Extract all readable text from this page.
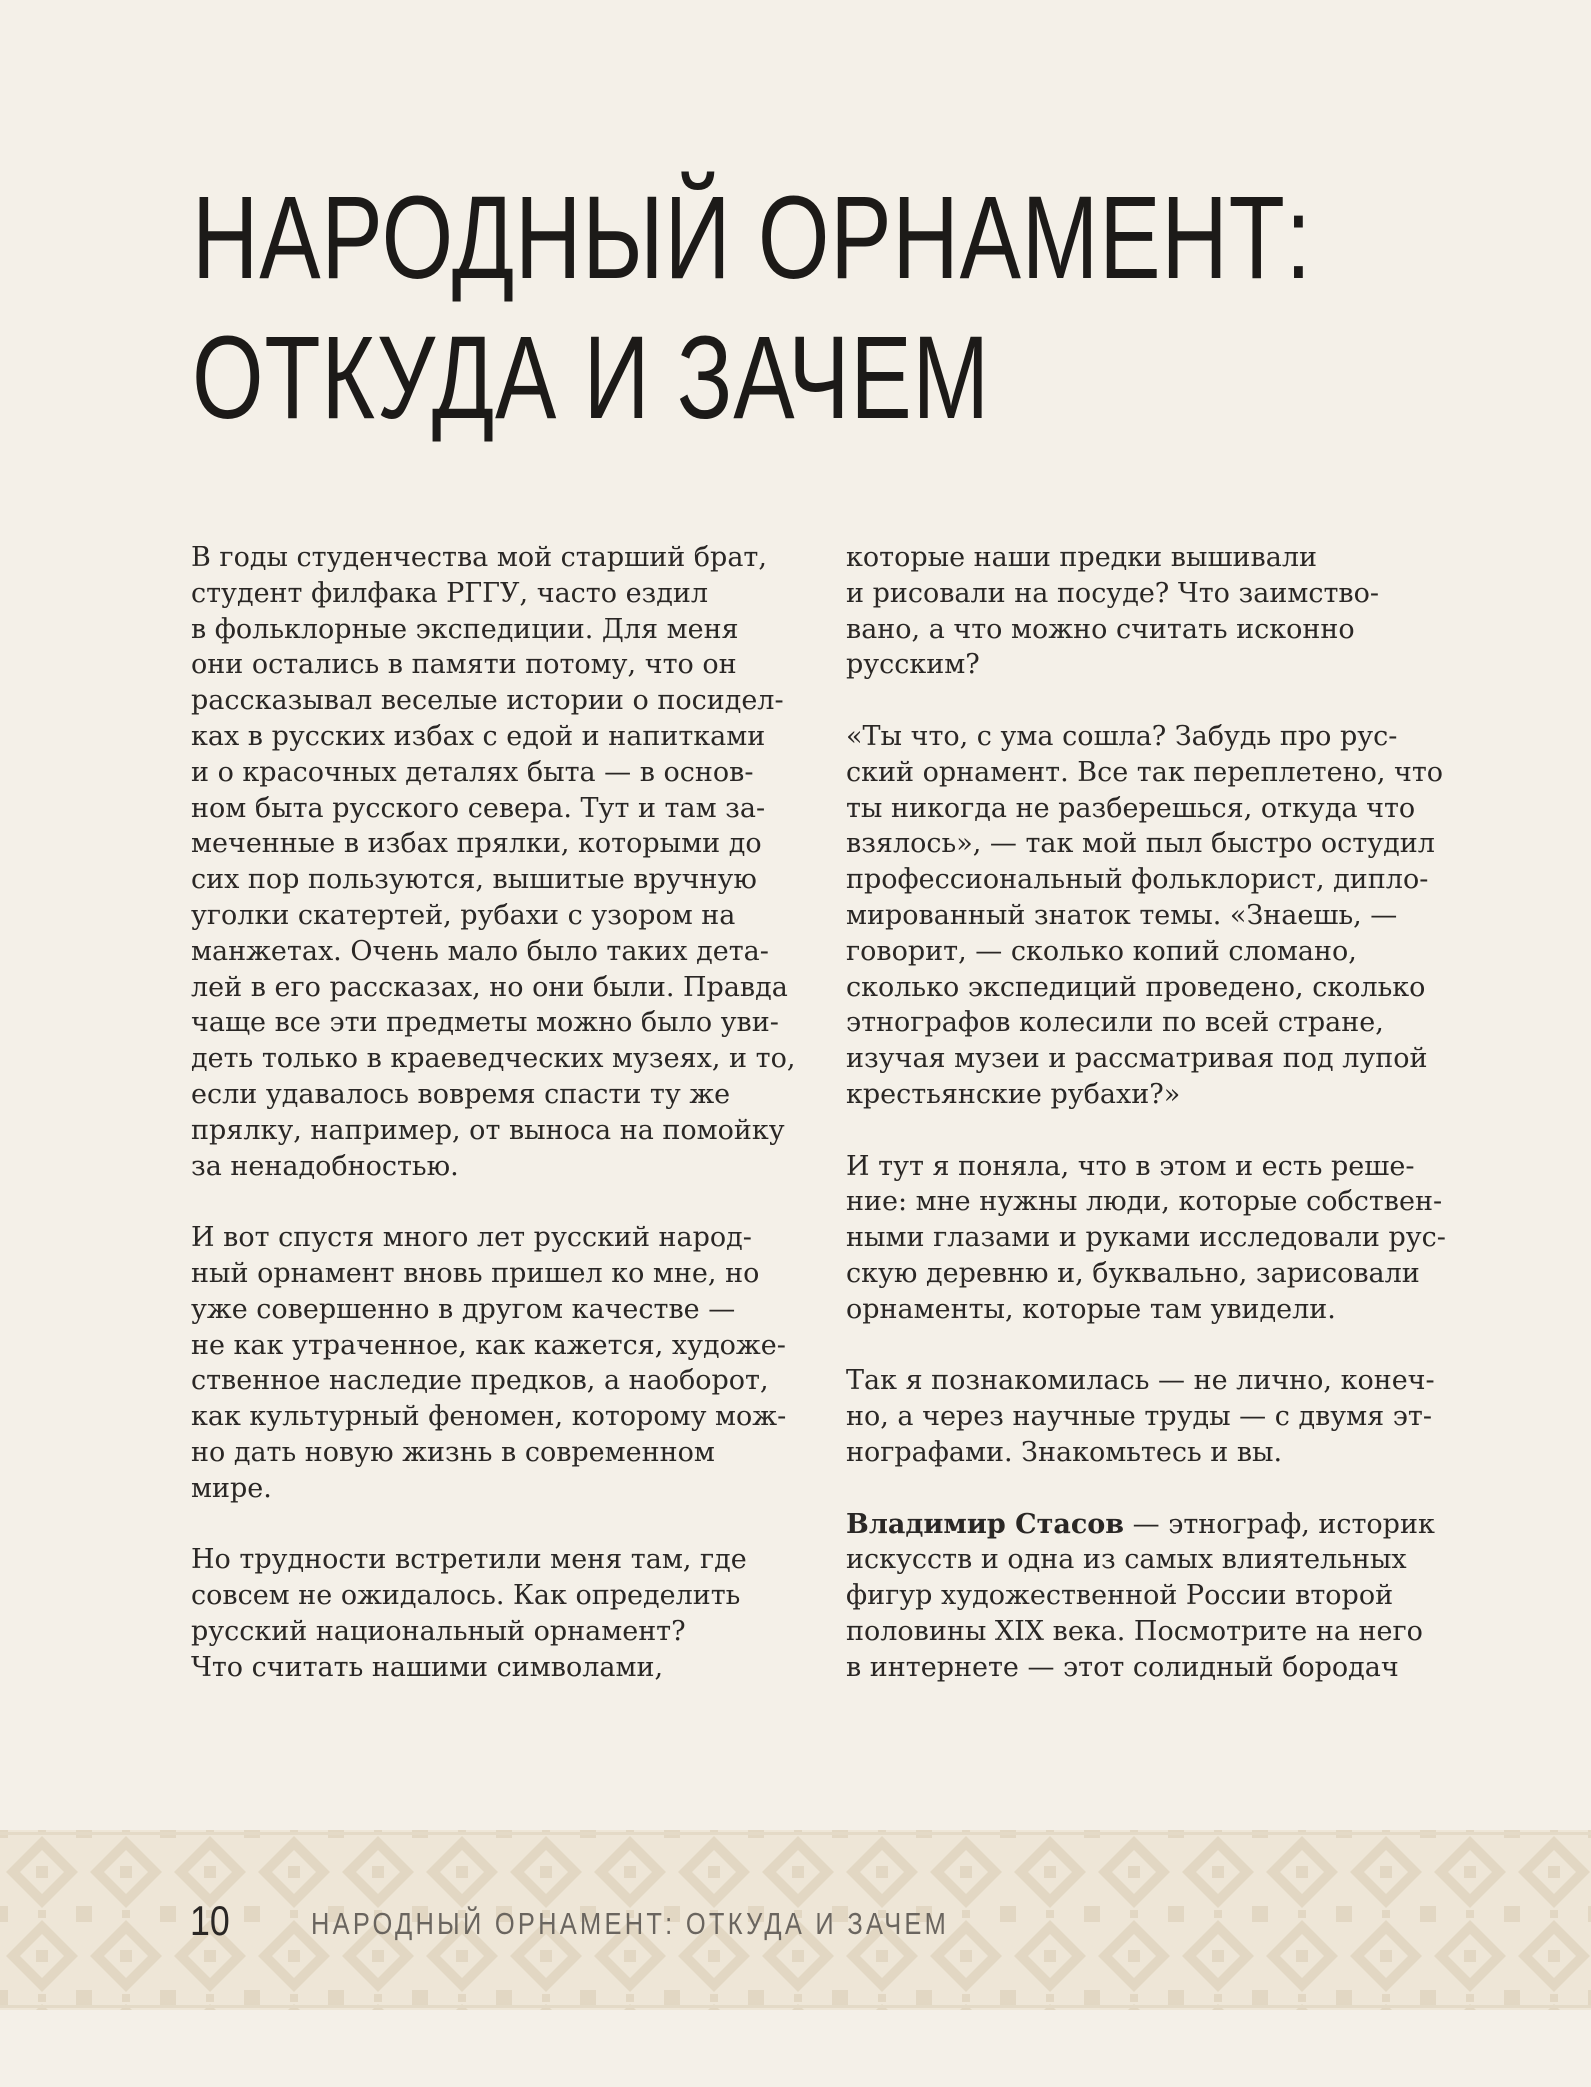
НАРОДНЫЙ ОРНАМЕНТ:
ОТКУДА И ЗАЧЕМ

В годы студенчества мой старший брат,
студент филфака РГГУ, часто ездил
в фольклорные экспедиции. Для меня
они остались в памяти потому, что он
рассказывал веселые истории о посидел-
ках в русских избах с едой и напитками
и о красочных деталях быта — в основ-
ном быта русского севера. Тут и там за-
меченные в избах прялки, которыми до
сих пор пользуются, вышитые вручную
уголки скатертей, рубахи с узором на
манжетах. Очень мало было таких дета-
лей в его рассказах, но они были. Правда
чаще все эти предметы можно было уви-
деть только в краеведческих музеях, и то,
если удавалось вовремя спасти ту же
прялку, например, от выноса на помойку
за ненадобностью.

И вот спустя много лет русский народ-
ный орнамент вновь пришел ко мне, но
уже совершенно в другом качестве —
не как утраченное, как кажется, художе-
ственное наследие предков, а наоборот,
как культурный феномен, которому мож-
но дать новую жизнь в современном
мире.

Но трудности встретили меня там, где
совсем не ожидалось. Как определить
русский национальный орнамент?
Что считать нашими символами,

которые наши предки вышивали
и рисовали на посуде? Что заимство-
вано, а что можно считать исконно
русским?

«Ты что, с ума сошла? Забудь про рус-
ский орнамент. Все так переплетено, что
ты никогда не разберешься, откуда что
взялось», — так мой пыл быстро остудил
профессиональный фольклорист, дипло-
мированный знаток темы. «Знаешь, —
говорит, — сколько копий сломано,
сколько экспедиций проведено, сколько
этнографов колесили по всей стране,
изучая музеи и рассматривая под лупой
крестьянские рубахи?»

И тут я поняла, что в этом и есть реше-
ние: мне нужны люди, которые собствен-
ными глазами и руками исследовали рус-
скую деревню и, буквально, зарисовали
орнаменты, которые там увидели.

Так я познакомилась — не лично, конеч-
но, а через научные труды — с двумя эт-
нографами. Знакомьтесь и вы.

Владимир Стасов — этнограф, историк
искусств и одна из самых влиятельных
фигур художественной России второй
половины XIX века. Посмотрите на него
в интернете — этот солидный бородач

10	НАРОДНЫЙ ОРНАМЕНТ: ОТКУДА И ЗАЧЕМ
